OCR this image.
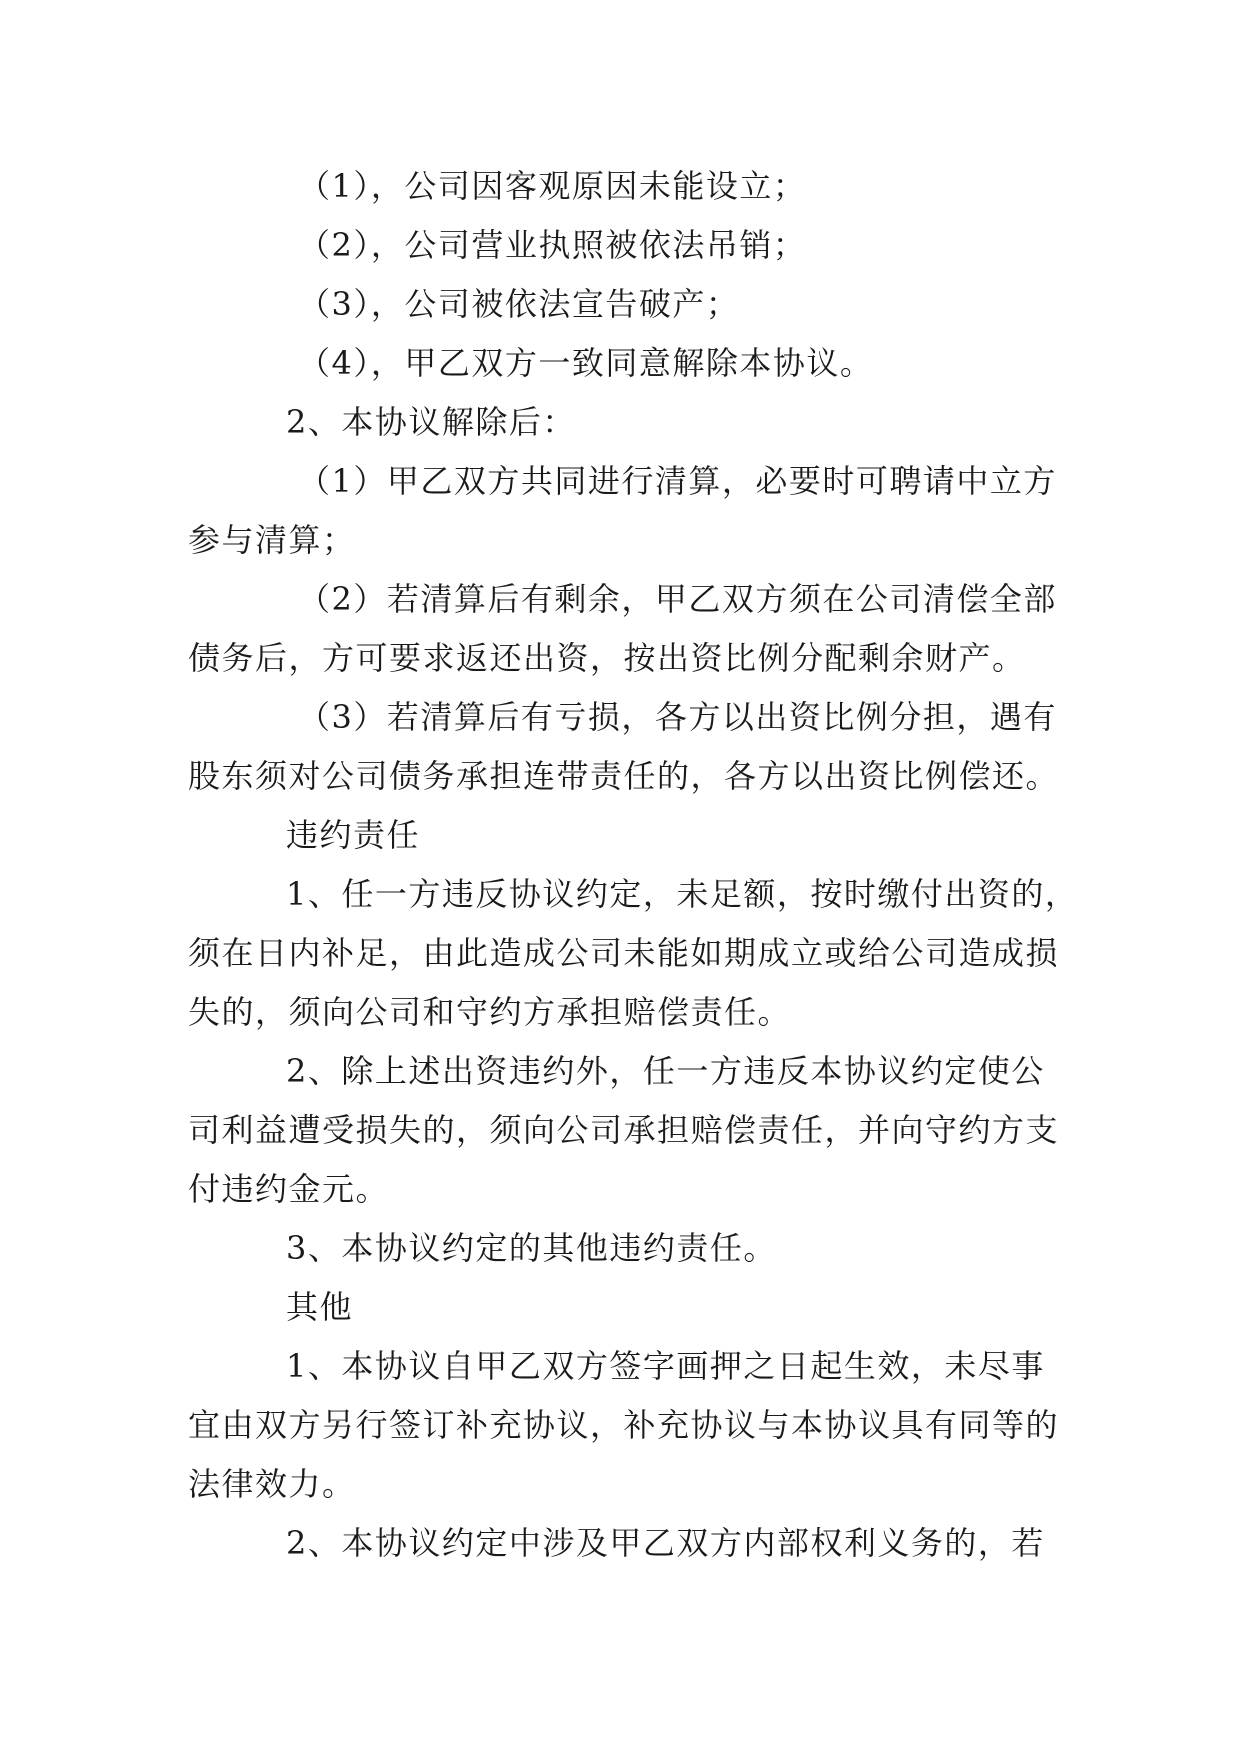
（1），公司因客观原因未能设立；
（2），公司营业执照被依法吊销；
（3），公司被依法宣告破产；
（4），甲乙双方一致同意解除本协议。
2、本协议解除后：
（1）甲乙双方共同进行清算，必要时可聘请中立方
参与清算；
（2）若清算后有剩余，甲乙双方须在公司清偿全部
债务后，方可要求返还出资，按出资比例分配剩余财产。
（3）若清算后有亏损，各方以出资比例分担，遇有
股东须对公司债务承担连带责任的，各方以出资比例偿还。
违约责任
1、任一方违反协议约定，未足额，按时缴付出资的，
须在日内补足，由此造成公司未能如期成立或给公司造成损
失的，须向公司和守约方承担赔偿责任。
2、除上述出资违约外，任一方违反本协议约定使公
司利益遭受损失的，须向公司承担赔偿责任，并向守约方支
付违约金元。
3、本协议约定的其他违约责任。
其他
1、本协议自甲乙双方签字画押之日起生效，未尽事
宜由双方另行签订补充协议，补充协议与本协议具有同等的
法律效力。
2、本协议约定中涉及甲乙双方内部权利义务的，若
